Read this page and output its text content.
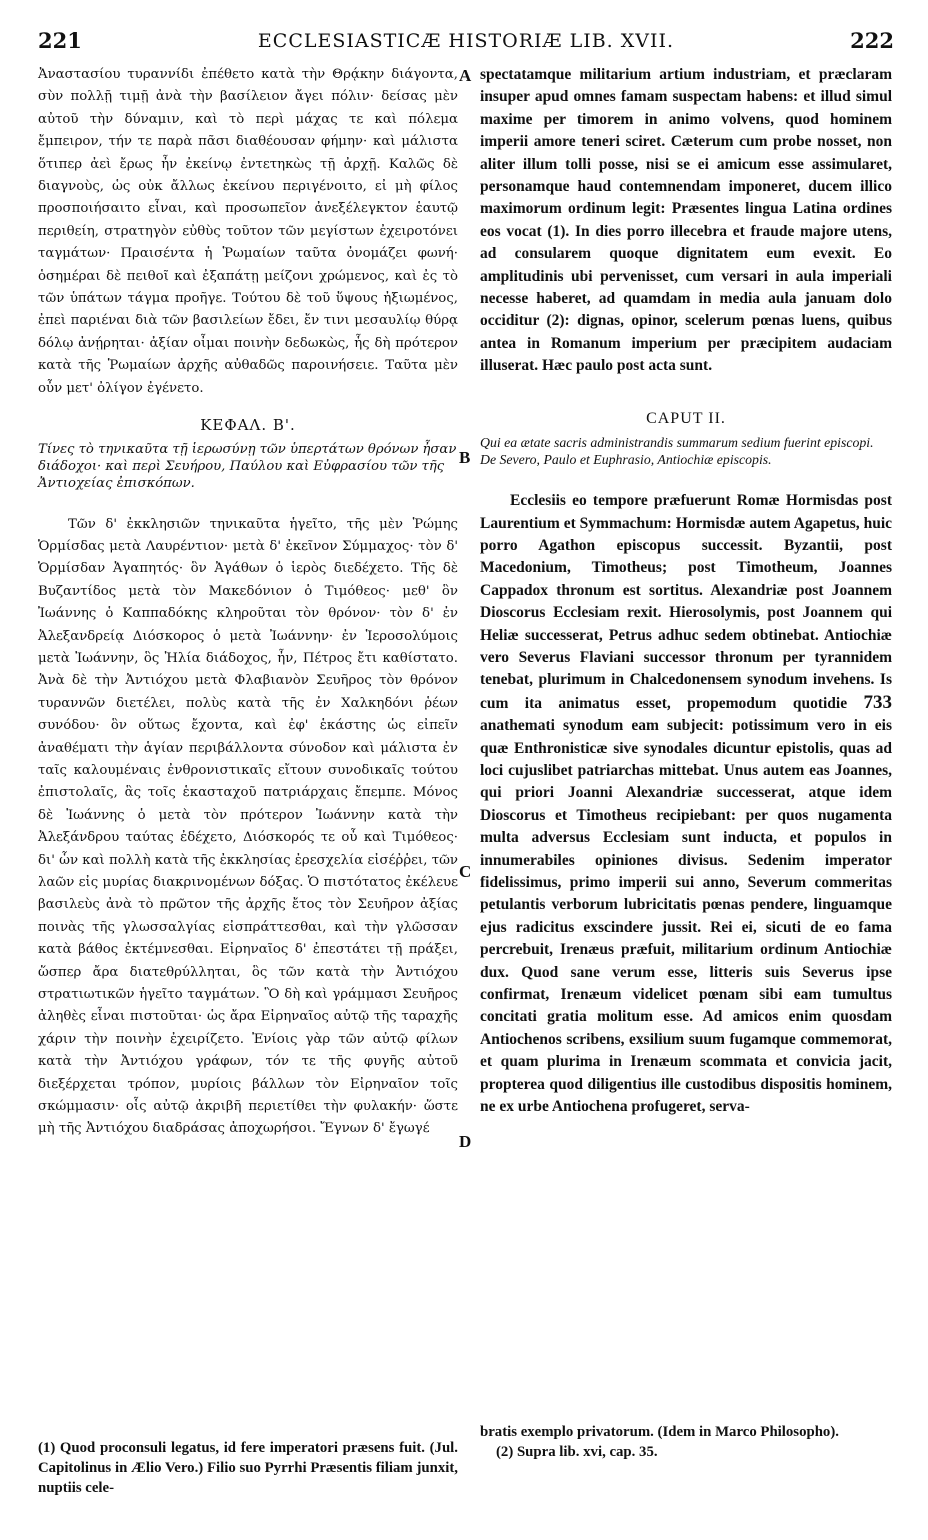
221	ECCLESIASTICÆ HISTORIÆ LIB. XVII.	222
A
B
C
D

Ἀναστασίου τυραννίδι ἐπέθετο κατὰ τὴν Θρᾴκην διάγοντα, σὺν πολλῇ τιμῇ ἀνὰ τὴν βασίλειον ἄγει πόλιν· δείσας μὲν αὐτοῦ τὴν δύναμιν, καὶ τὸ περὶ μάχας τε καὶ πόλεμα ἔμπειρον, τήν τε παρὰ πᾶσι διαθέουσαν φήμην· καὶ μάλιστα ὅτιπερ ἀεὶ ἔρως ἦν ἐκείνῳ ἐντετηκὼς τῇ ἀρχῇ. Καλῶς δὲ διαγνοὺς, ὡς οὐκ ἄλλως ἐκείνου περιγένοιτο, εἰ μὴ φίλος προσποιήσαιτο εἶναι, καὶ προσωπεῖον ἀνεξέλεγκτον ἑαυτῷ περιθείη, στρατηγὸν εὐθὺς τοῦτον τῶν μεγίστων ἐχειροτόνει ταγμάτων· Πραισέντα ἡ Ῥωμαίων ταῦτα ὀνομάζει φωνή· ὁσημέραι δὲ πειθοῖ καὶ ἐξαπάτῃ μείζονι χρώμενος, καὶ ἐς τὸ τῶν ὑπάτων τάγμα προῆγε. Τούτου δὲ τοῦ ὕψους ἠξιωμένος, ἐπεὶ παριέναι διὰ τῶν βασιλείων ἔδει, ἔν τινι μεσαυλίῳ θύρᾳ δόλῳ ἀνῄρηται· ἀξίαν οἶμαι ποινὴν δεδωκὼς, ἧς δὴ πρότερον κατὰ τῆς Ῥωμαίων ἀρχῆς αὐθαδῶς παροινήσειε. Ταῦτα μὲν οὖν μετ' ὀλίγον ἐγένετο.

ΚΕΦΑΛ. Β'.

Τίνες τὸ τηνικαῦτα τῇ ἱερωσύνῃ τῶν ὑπερτάτων θρόνων ἦσαν διάδοχοι· καὶ περὶ Σευήρου, Παύλου καὶ Εὐφρασίου τῶν τῆς Ἀντιοχείας ἐπισκόπων.

Τῶν δ' ἐκκλησιῶν τηνικαῦτα ἡγεῖτο, τῆς μὲν Ῥώμης Ὁρμίσδας μετὰ Λαυρέντιον· μετὰ δ' ἐκεῖνον Σύμμαχος· τὸν δ' Ὁρμίσδαν Ἀγαπητός· ὃν Ἀγάθων ὁ ἱερὸς διεδέχετο. Τῆς δὲ Βυζαντίδος μετὰ τὸν Μακεδόνιον ὁ Τιμόθεος· μεθ' ὃν Ἰωάννης ὁ Καππαδόκης κληροῦται τὸν θρόνον· τὸν δ' ἐν Ἀλεξανδρείᾳ Διόσκορος ὁ μετὰ Ἰωάννην· ἐν Ἱεροσολύμοις μετὰ Ἰωάννην, ὃς Ἠλία διάδοχος, ἦν, Πέτρος ἔτι καθίστατο. Ἀνὰ δὲ τὴν Ἀντιόχου μετὰ Φλαβιανὸν Σευῆρος τὸν θρόνον τυραννῶν διετέλει, πολὺς κατὰ τῆς ἐν Χαλκηδόνι ῥέων συνόδου· ὃν οὕτως ἔχοντα, καὶ ἐφ' ἑκάστης ὡς εἰπεῖν ἀναθέματι τὴν ἁγίαν περιβάλλοντα σύνοδον καὶ μάλιστα ἐν ταῖς καλουμέναις ἐνθρονιστικαῖς εἴτουν συνοδικαῖς τούτου ἐπιστολαῖς, ἃς τοῖς ἑκασταχοῦ πατριάρχαις ἔπεμπε. Μόνος δὲ Ἰωάννης ὁ μετὰ τὸν πρότερον Ἰωάννην κατὰ τὴν Ἀλεξάνδρου ταύτας ἐδέχετο, Διόσκορός τε οὖ καὶ Τιμόθεος· δι' ὧν καὶ πολλὴ κατὰ τῆς ἐκκλησίας ἐρεσχελία εἰσέῤῥει, τῶν λαῶν εἰς μυρίας διακρινομένων δόξας. Ὁ πιστότατος ἐκέλευε βασιλεὺς ἀνὰ τὸ πρῶτον τῆς ἀρχῆς ἔτος τὸν Σευῆρον ἀξίας ποινὰς τῆς γλωσσαλγίας εἰσπράττεσθαι, καὶ τὴν γλῶσσαν κατὰ βάθος ἐκτέμνεσθαι. Εἰρηναῖος δ' ἐπεστάτει τῇ πράξει, ὥσπερ ἄρα διατεθρύλληται, ὃς τῶν κατὰ τὴν Ἀντιόχου στρατιωτικῶν ἡγεῖτο ταγμάτων. Ὃ δὴ καὶ γράμμασι Σευῆρος ἀληθὲς εἶναι πιστοῦται· ὡς ἄρα Εἰρηναῖος αὐτῷ τῆς ταραχῆς χάριν τὴν ποινὴν ἐχειρίζετο. Ἐνίοις γὰρ τῶν αὐτῷ φίλων κατὰ τὴν Ἀντιόχου γράφων, τόν τε τῆς φυγῆς αὐτοῦ διεξέρχεται τρόπον, μυρίοις βάλλων τὸν Εἰρηναῖον τοῖς σκώμμασιν· οἷς αὐτῷ ἀκριβῆ περιετίθει τὴν φυλακήν· ὥστε μὴ τῆς Ἀντιόχου διαδράσας ἀποχωρήσοι. Ἔγνων δ' ἔγωγέ

spectatamque militarium artium industriam, et præclaram insuper apud omnes famam suspectam habens: et illud simul maxime per timorem in animo volvens, quod hominem imperii amore teneri sciret. Cæterum cum probe nosset, non aliter illum tolli posse, nisi se ei amicum esse assimularet, personamque haud contemnendam imponeret, ducem illico maximorum ordinum legit: Præsentes lingua Latina ordines eos vocat (1). In dies porro illecebra et fraude majore utens, ad consularem quoque dignitatem eum evexit. Eo amplitudinis ubi pervenisset, cum versari in aula imperiali necesse haberet, ad quamdam in media aula januam dolo occiditur (2): dignas, opinor, scelerum pœnas luens, quibus antea in Romanum imperium per præcipitem audaciam illuserat. Hæc paulo post acta sunt.

CAPUT II.

Qui ea ætate sacris administrandis summarum sedium fuerint episcopi. De Severo, Paulo et Euphrasio, Antiochiæ episcopis.

Ecclesiis eo tempore præfuerunt Romæ Hormisdas post Laurentium et Symmachum: Hormisdæ autem Agapetus, huic porro Agathon episcopus successit. Byzantii, post Macedonium, Timotheus; post Timotheum, Joannes Cappadox thronum est sortitus. Alexandriæ post Joannem Dioscorus Ecclesiam rexit. Hierosolymis, post Joannem qui Heliæ successerat, Petrus adhuc sedem obtinebat. Antiochiæ vero Severus Flaviani successor thronum per tyrannidem tenebat, plurimum in Chalcedonensem synodum invehens. Is cum ita animatus esset, propemodum quotidie 733 anathemati synodum eam subjecit: potissimum vero in eis quæ Enthronisticæ sive synodales dicuntur epistolis, quas ad loci cujuslibet patriarchas mittebat. Unus autem eas Joannes, qui priori Joanni Alexandriæ successerat, atque idem Dioscorus et Timotheus recipiebant: per quos nugamenta multa adversus Ecclesiam sunt inducta, et populos in innumerabiles opiniones divisus. Sedenim imperator fidelissimus, primo imperii sui anno, Severum commeritas petulantis verborum lubricitatis pœnas pendere, linguamque ejus radicitus exscindere jussit. Rei ei, sicuti de eo fama percrebuit, Irenæus præfuit, militarium ordinum Antiochiæ dux. Quod sane verum esse, litteris suis Severus ipse confirmat, Irenæum videlicet pœnam sibi eam tumultus concitati gratia molitum esse. Ad amicos enim quosdam Antiochenos scribens, exsilium suum fugamque commemorat, et quam plurima in Irenæum scommata et convicia jacit, propterea quod diligentius ille custodibus dispositis hominem, ne ex urbe Antiochena profugeret, serva-

(1) Quod proconsuli legatus, id fere imperatori præsens fuit. (Jul. Capitolinus in Ælio Vero.) Filio suo Pyrrhi Præsentis filiam junxit, nuptiis cele-
bratis exemplo privatorum. (Idem in Marco Philosopho).
(2) Supra lib. xvi, cap. 35.
